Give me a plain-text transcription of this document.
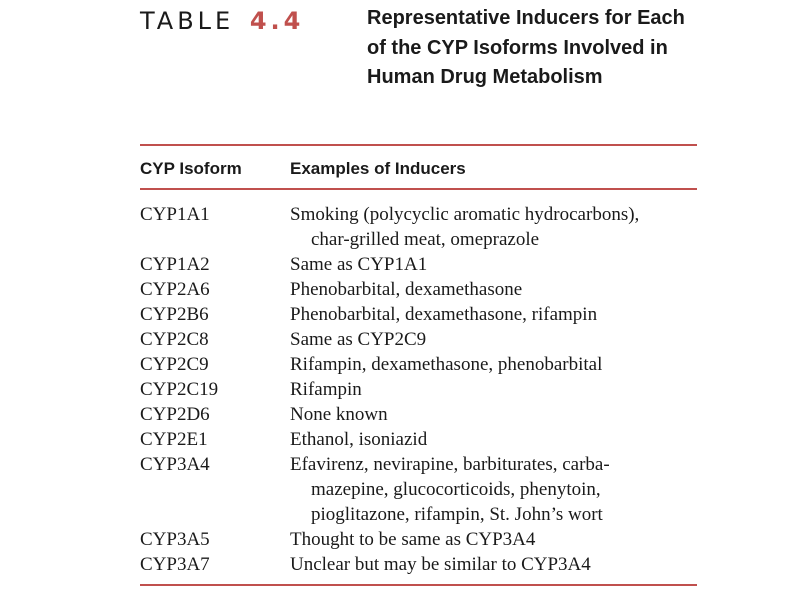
TABLE 4.4	Representative Inducers for Each of the CYP Isoforms Involved in Human Drug Metabolism
CYP Isoform	Examples of Inducers
CYP1A1	Smoking (polycyclic aromatic hydrocarbons),
char-grilled meat, omeprazole
CYP1A2	Same as CYP1A1
CYP2A6	Phenobarbital, dexamethasone
CYP2B6	Phenobarbital, dexamethasone, rifampin
CYP2C8	Same as CYP2C9
CYP2C9	Rifampin, dexamethasone, phenobarbital
CYP2C19	Rifampin
CYP2D6	None known
CYP2E1	Ethanol, isoniazid
CYP3A4	Efavirenz, nevirapine, barbiturates, carba-
mazepine, glucocorticoids, phenytoin,
pioglitazone, rifampin, St. John’s wort
CYP3A5	Thought to be same as CYP3A4
CYP3A7	Unclear but may be similar to CYP3A4
